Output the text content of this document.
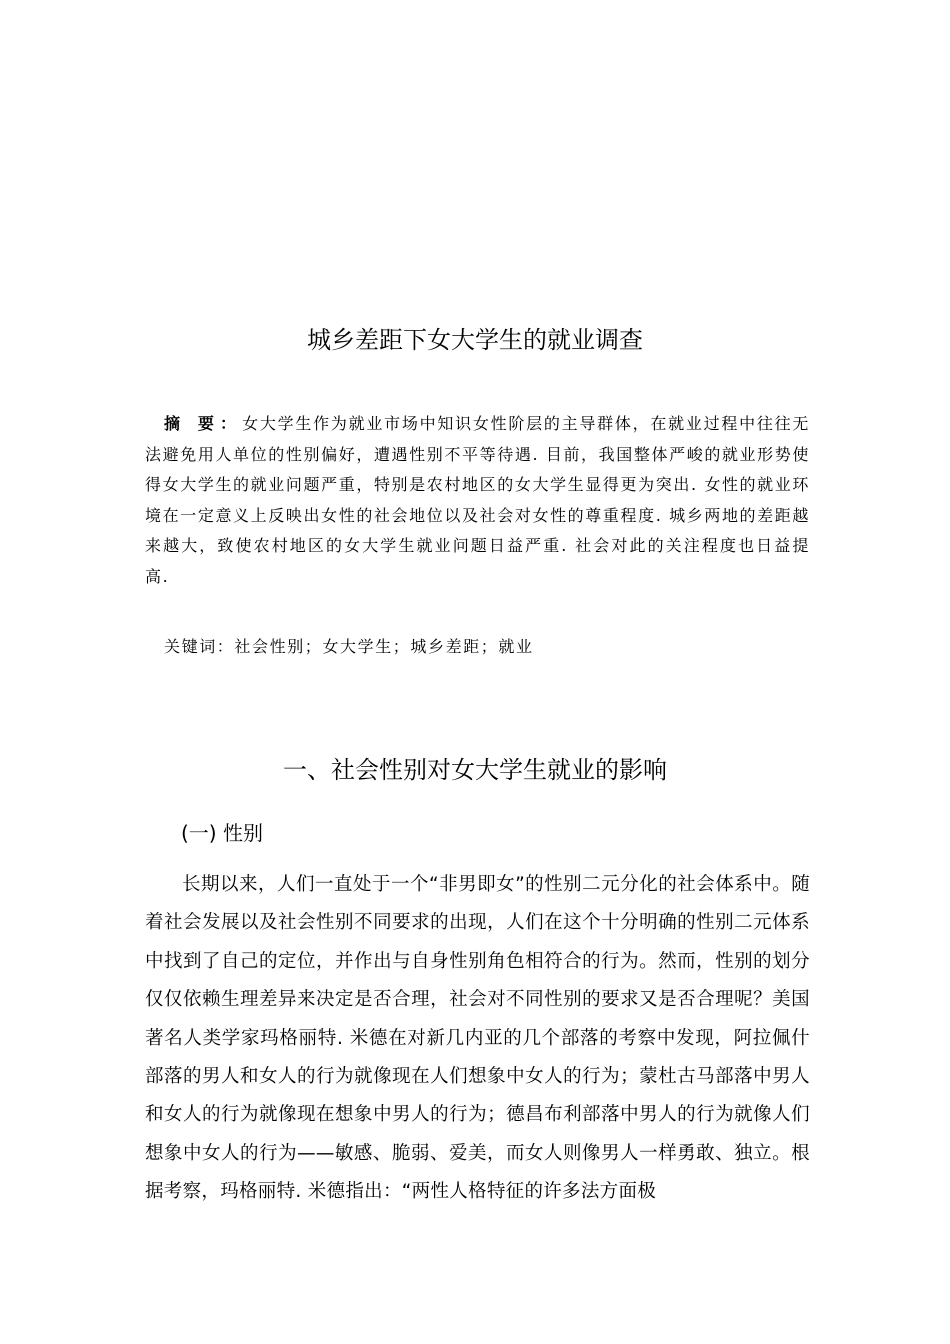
城乡差距下女大学生的就业调查

摘 要：女大学生作为就业市场中知识女性阶层的主导群体，在就业过程中往往无法避免用人单位的性别偏好，遭遇性别不平等待遇. 目前，我国整体严峻的就业形势使得女大学生的就业问题严重，特别是农村地区的女大学生显得更为突出. 女性的就业环境在一定意义上反映出女性的社会地位以及社会对女性的尊重程度. 城乡两地的差距越来越大，致使农村地区的女大学生就业问题日益严重. 社会对此的关注程度也日益提高.

关键词：社会性别；女大学生；城乡差距；就业

一、社会性别对女大学生就业的影响
(一) 性别

长期以来，人们一直处于一个“非男即女”的性别二元分化的社会体系中。随着社会发展以及社会性别不同要求的出现，人们在这个十分明确的性别二元体系中找到了自己的定位，并作出与自身性别角色相符合的行为。然而，性别的划分仅仅依赖生理差异来决定是否合理，社会对不同性别的要求又是否合理呢？美国著名人类学家玛格丽特. 米德在对新几内亚的几个部落的考察中发现，阿拉佩什部落的男人和女人的行为就像现在人们想象中女人的行为；蒙杜古马部落中男人和女人的行为就像现在想象中男人的行为；德昌布利部落中男人的行为就像人们想象中女人的行为——敏感、脆弱、爱美，而女人则像男人一样勇敢、独立。根据考察，玛格丽特. 米德指出：“两性人格特征的许多法方面极
